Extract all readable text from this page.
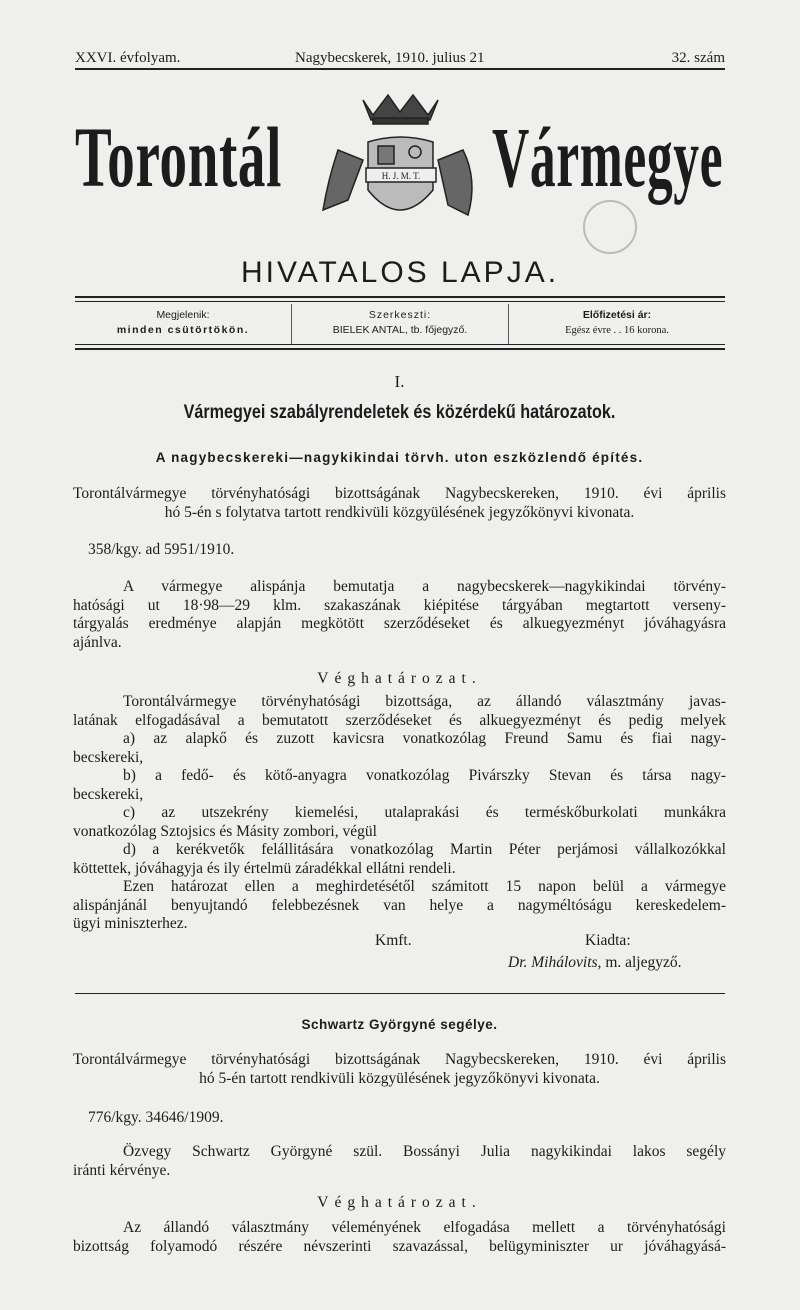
XXVI. évfolyam.	Nagybecskerek, 1910. julius 21	32. szám
Torontál Vármegye
H. J. M. T.
HIVATALOS LAPJA.
Megjelenik:
minden csütörtökön.
Szerkeszti:
BIELEK ANTAL, tb. főjegyző.
Előfizetési ár:
Egész évre . . 16 korona.
I.
Vármegyei szabályrendeletek és közérdekű határozatok.
A nagybecskereki—nagykikindai törvh. uton eszközlendő építés.
Torontálvármegye törvényhatósági bizottságának Nagybecskereken, 1910. évi április
hó 5-én s folytatva tartott rendkivüli közgyülésének jegyzőkönyvi kivonata.
358/kgy. ad 5951/1910.
A vármegye alispánja bemutatja a nagybecskerek—nagykikindai törvény-
hatósági ut 18·98—29 klm. szakaszának kiépitése tárgyában megtartott verseny-
tárgyalás eredménye alapján megkötött szerződéseket és alkuegyezményt jóváhagyásra
ajánlva.
Véghatározat.
Torontálvármegye törvényhatósági bizottsága, az állandó választmány javas-
latának elfogadásával a bemutatott szerződéseket és alkuegyezményt és pedig melyek
a) az alapkő és zuzott kavicsra vonatkozólag Freund Samu és fiai nagy-
becskereki,
b) a fedő- és kötő-anyagra vonatkozólag Pivárszky Stevan és társa nagy-
becskereki,
c) az utszekrény kiemelési, utalaprakási és terméskőburkolati munkákra
vonatkozólag Sztojsics és Másity zombori, végül
d) a kerékvetők felállitására vonatkozólag Martin Péter perjámosi vállalkozókkal
köttettek, jóváhagyja és ily értelmü záradékkal ellátni rendeli.
Ezen határozat ellen a meghirdetésétől számitott 15 napon belül a vármegye
alispánjánál benyujtandó felebbezésnek van helye a nagyméltóságu kereskedelem-
ügyi miniszterhez.
Kmft.	Kiadta:
Dr. Mihálovits, m. aljegyző.
Schwartz Györgyné segélye.
Torontálvármegye törvényhatósági bizottságának Nagybecskereken, 1910. évi április
hó 5-én tartott rendkivüli közgyülésének jegyzőkönyvi kivonata.
776/kgy. 34646/1909.
Özvegy Schwartz Györgyné szül. Bossányi Julia nagykikindai lakos segély
iránti kérvénye.
Véghatározat.
Az állandó választmány véleményének elfogadása mellett a törvényhatósági
bizottság folyamodó részére névszerinti szavazással, belügyminiszter ur jóváhagyásá-
